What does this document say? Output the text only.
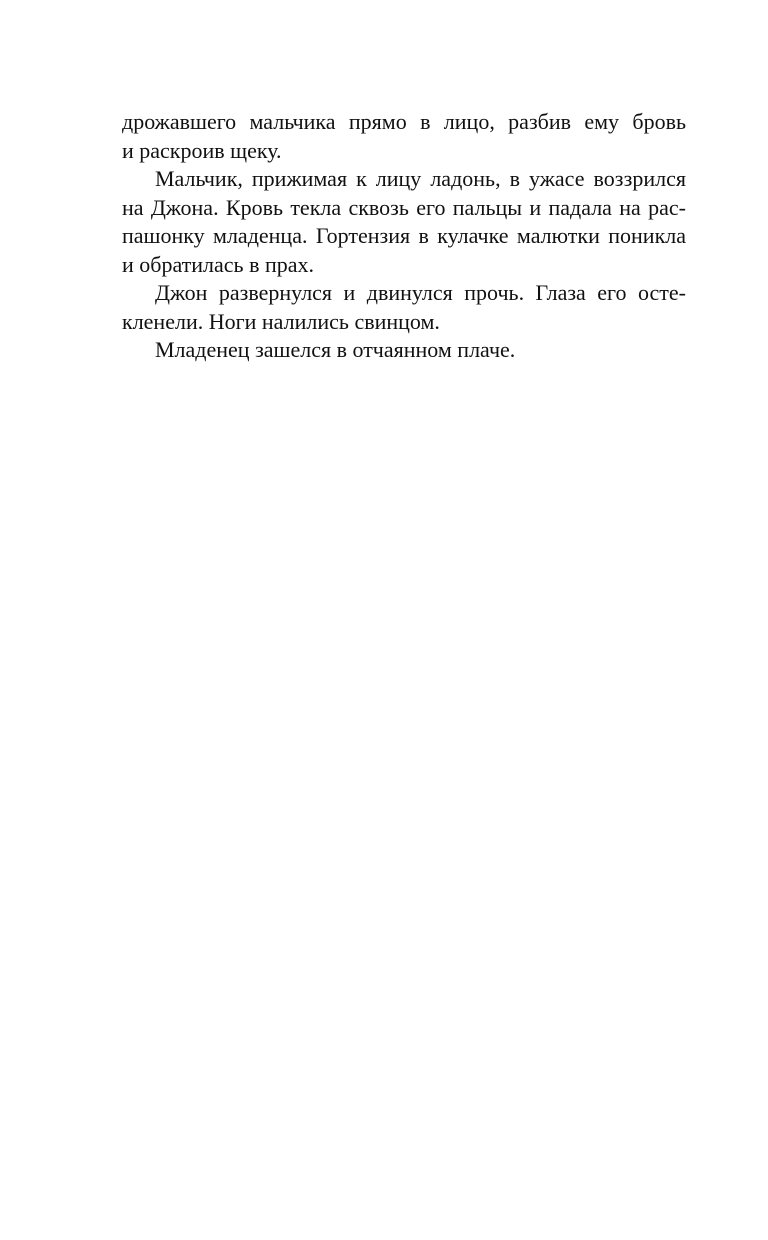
дрожавшего мальчика прямо в лицо, разбив ему бровь
и раскроив щеку.
Мальчик, прижимая к лицу ладонь, в ужасе воззрился
на Джона. Кровь текла сквозь его пальцы и падала на рас-
пашонку младенца. Гортензия в кулачке малютки поникла
и обратилась в прах.
Джон развернулся и двинулся прочь. Глаза его осте-
кленели. Ноги налились свинцом.
Младенец зашелся в отчаянном плаче.
